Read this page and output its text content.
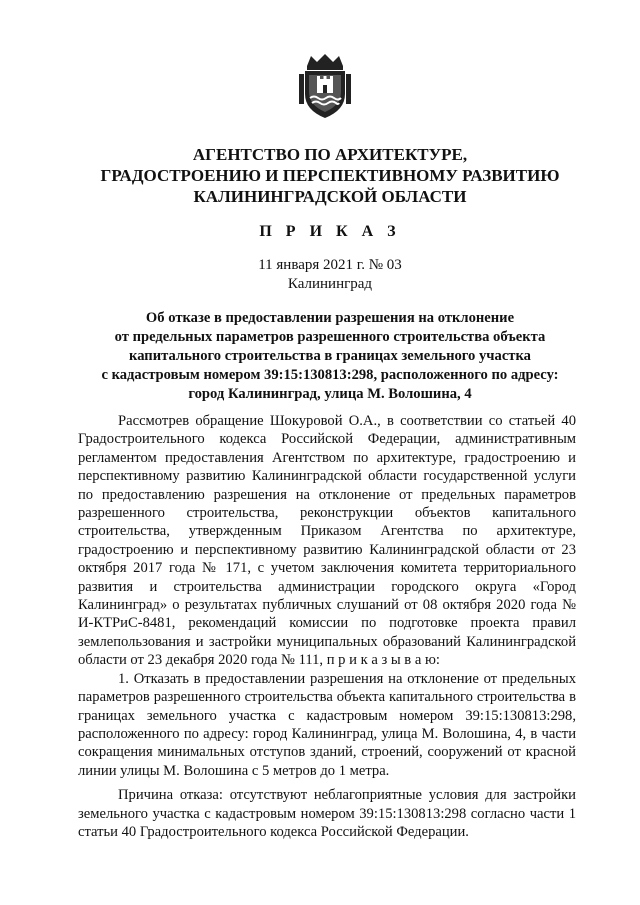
АГЕНТСТВО ПО АРХИТЕКТУРЕ,
ГРАДОСТРОЕНИЮ И ПЕРСПЕКТИВНОМУ РАЗВИТИЮ
КАЛИНИНГРАДСКОЙ ОБЛАСТИ
П Р И К А З
11 января 2021 г. № 03
Калининград
Об отказе в предоставлении разрешения на отклонение
от предельных параметров разрешенного строительства объекта
капитального строительства в границах земельного участка
с кадастровым номером 39:15:130813:298, расположенного по адресу:
город Калининград, улица М. Волошина, 4

Рассмотрев обращение Шокуровой О.А., в соответствии со статьей 40 Градостроительного кодекса Российской Федерации, административным регламентом предоставления Агентством по архитектуре, градостроению и перспективному развитию Калининградской области государственной услуги по предоставлению разрешения на отклонение от предельных параметров разрешенного строительства, реконструкции объектов капитального строительства, утвержденным Приказом Агентства по архитектуре, градостроению и перспективному развитию Калининградской области от 23 октября 2017 года № 171, с учетом заключения комитета территориального развития и строительства администрации городского округа «Город Калининград» о результатах публичных слушаний от 08 октября 2020 года № И-КТРиС-8481, рекомендаций комиссии по подготовке проекта правил землепользования и застройки муниципальных образований Калининградской области от 23 декабря 2020 года № 111, п р и к а з ы в а ю:

1. Отказать в предоставлении разрешения на отклонение от предельных параметров разрешенного строительства объекта капитального строительства в границах земельного участка с кадастровым номером 39:15:130813:298, расположенного по адресу: город Калининград, улица М. Волошина, 4, в части сокращения минимальных отступов зданий, строений, сооружений от красной линии улицы М. Волошина с 5 метров до 1 метра.

Причина отказа: отсутствуют неблагоприятные условия для застройки земельного участка с кадастровым номером 39:15:130813:298 согласно части 1 статьи 40 Градостроительного кодекса Российской Федерации.
